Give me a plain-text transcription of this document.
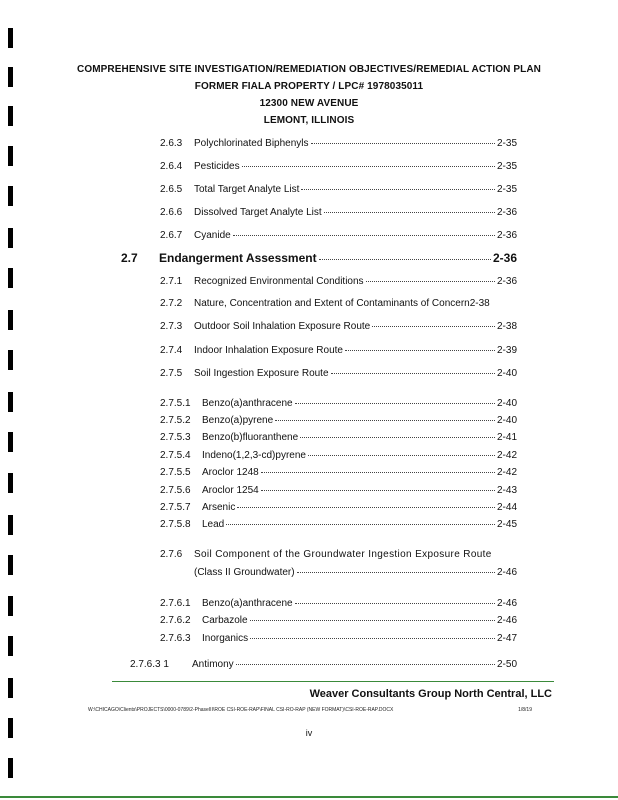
COMPREHENSIVE SITE INVESTIGATION/REMEDIATION OBJECTIVES/REMEDIAL ACTION PLAN
FORMER FIALA PROPERTY / LPC# 1978035011
12300 NEW AVENUE
LEMONT, ILLINOIS
2.6.3	Polychlorinated Biphenyls	2-35
2.6.4	Pesticides	2-35
2.6.5	Total Target Analyte List	2-35
2.6.6	Dissolved Target Analyte List	2-36
2.6.7	Cyanide	2-36
2.7	Endangerment Assessment	2-36
2.7.1	Recognized Environmental Conditions	2-36
2.7.2	Nature, Concentration and Extent of Contaminants of Concern 2-38
2.7.3	Outdoor Soil Inhalation Exposure Route	2-38
2.7.4	Indoor Inhalation Exposure Route	2-39
2.7.5	Soil Ingestion Exposure Route	2-40
2.7.5.1	Benzo(a)anthracene	2-40
2.7.5.2	Benzo(a)pyrene	2-40
2.7.5.3	Benzo(b)fluoranthene	2-41
2.7.5.4	Indeno(1,2,3-cd)pyrene	2-42
2.7.5.5	Aroclor 1248	2-42
2.7.5.6	Aroclor 1254	2-43
2.7.5.7	Arsenic	2-44
2.7.5.8	Lead	2-45
2.7.6	Soil Component of the Groundwater Ingestion Exposure Route
(Class II Groundwater)	2-46
2.7.6.1	Benzo(a)anthracene	2-46
2.7.6.2	Carbazole	2-46
2.7.6.3	Inorganics	2-47
2.7.6.3 1	Antimony	2-50
Weaver Consultants Group North Central, LLC
W:\CHICAGO\Clients\PROJECTS\0000-0789\2-PhaseIII\ROE CSI-ROE-RAP\FINAL CSI-RO-RAP (NEW FORMAT)\CSI-ROE-RAP.DOCX	1/8/19
iv
